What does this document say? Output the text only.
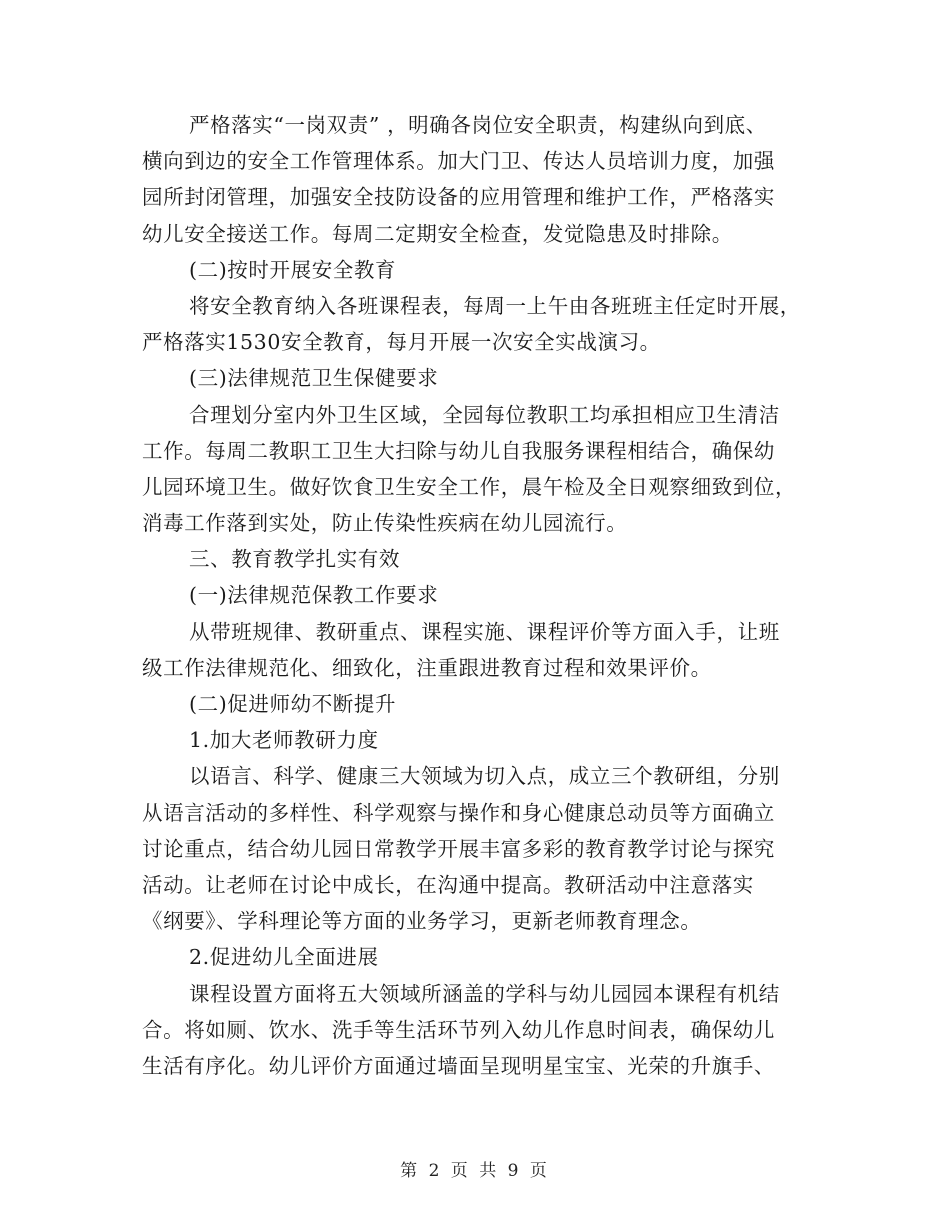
严格落实“一岗双责” ，明确各岗位安全职责，构建纵向到底、
横向到边的安全工作管理体系。加大门卫、传达人员培训力度，加强
园所封闭管理，加强安全技防设备的应用管理和维护工作，严格落实
幼儿安全接送工作。每周二定期安全检查，发觉隐患及时排除。
(二)按时开展安全教育
将安全教育纳入各班课程表，每周一上午由各班班主任定时开展，
严格落实1530安全教育，每月开展一次安全实战演习。
(三)法律规范卫生保健要求
合理划分室内外卫生区域，全园每位教职工均承担相应卫生清洁
工作。每周二教职工卫生大扫除与幼儿自我服务课程相结合，确保幼
儿园环境卫生。做好饮食卫生安全工作，晨午检及全日观察细致到位，
消毒工作落到实处，防止传染性疾病在幼儿园流行。
三、教育教学扎实有效
(一)法律规范保教工作要求
从带班规律、教研重点、课程实施、课程评价等方面入手，让班
级工作法律规范化、细致化，注重跟进教育过程和效果评价。
(二)促进师幼不断提升
1.加大老师教研力度
以语言、科学、健康三大领域为切入点，成立三个教研组，分别
从语言活动的多样性、科学观察与操作和身心健康总动员等方面确立
讨论重点，结合幼儿园日常教学开展丰富多彩的教育教学讨论与探究
活动。让老师在讨论中成长，在沟通中提高。教研活动中注意落实
《纲要》、学科理论等方面的业务学习，更新老师教育理念。
2.促进幼儿全面进展
课程设置方面将五大领域所涵盖的学科与幼儿园园本课程有机结
合。将如厕、饮水、洗手等生活环节列入幼儿作息时间表，确保幼儿
生活有序化。幼儿评价方面通过墙面呈现明星宝宝、光荣的升旗手、
第 2 页 共 9 页
